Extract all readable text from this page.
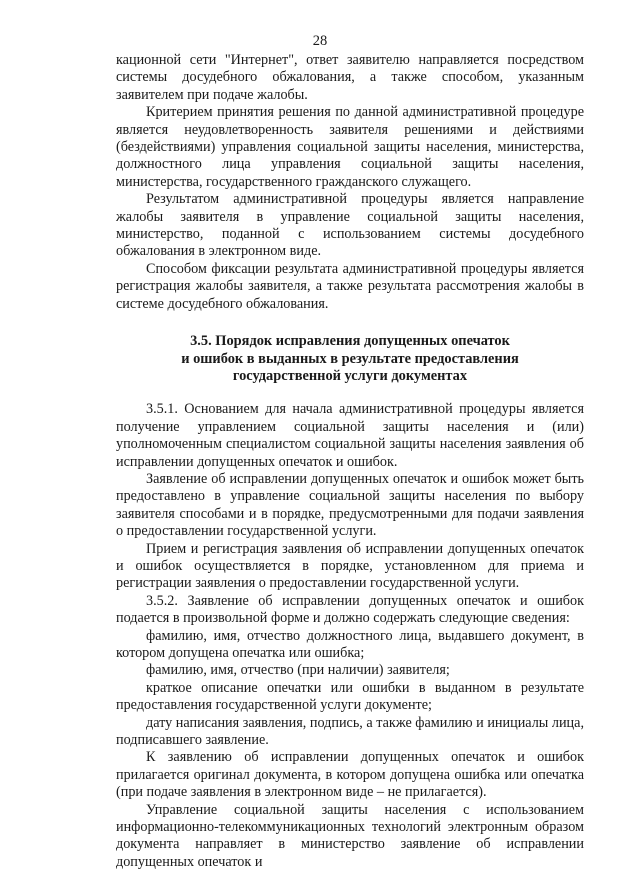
28

кационной сети "Интернет", ответ заявителю направляется посредством системы досудебного обжалования, а также способом, указанным заявителем при подаче жалобы.

Критерием принятия решения по данной административной процедуре является неудовлетворенность заявителя решениями и действиями (бездействиями) управления социальной защиты населения, министерства, должностного лица управления социальной защиты населения, министерства, государственного гражданского служащего.

Результатом административной процедуры является направление жалобы заявителя в управление социальной защиты населения, министерство, поданной с использованием системы досудебного обжалования в электронном виде.

Способом фиксации результата административной процедуры является регистрация жалобы заявителя, а также результата рассмотрения жалобы в системе досудебного обжалования.

3.5. Порядок исправления допущенных опечаток
и ошибок в выданных в результате предоставления
государственной услуги документах

3.5.1. Основанием для начала административной процедуры является получение управлением социальной защиты населения и (или) уполномоченным специалистом социальной защиты населения заявления об исправлении допущенных опечаток и ошибок.

Заявление об исправлении допущенных опечаток и ошибок может быть предоставлено в управление социальной защиты населения по выбору заявителя способами и в порядке, предусмотренными для подачи заявления о предоставлении государственной услуги.

Прием и регистрация заявления об исправлении допущенных опечаток и ошибок осуществляется в порядке, установленном для приема и регистрации заявления о предоставлении государственной услуги.

3.5.2. Заявление об исправлении допущенных опечаток и ошибок подается в произвольной форме и должно содержать следующие сведения:

фамилию, имя, отчество должностного лица, выдавшего документ, в котором допущена опечатка или ошибка;

фамилию, имя, отчество (при наличии) заявителя;

краткое описание опечатки или ошибки в выданном в результате предоставления государственной услуги документе;

дату написания заявления, подпись, а также фамилию и инициалы лица, подписавшего заявление.

К заявлению об исправлении допущенных опечаток и ошибок прилагается оригинал документа, в котором допущена ошибка или опечатка (при подаче заявления в электронном виде – не прилагается).

Управление социальной защиты населения с использованием информационно-телекоммуникационных технологий электронным образом документа направляет в министерство заявление об исправлении допущенных опечаток и
